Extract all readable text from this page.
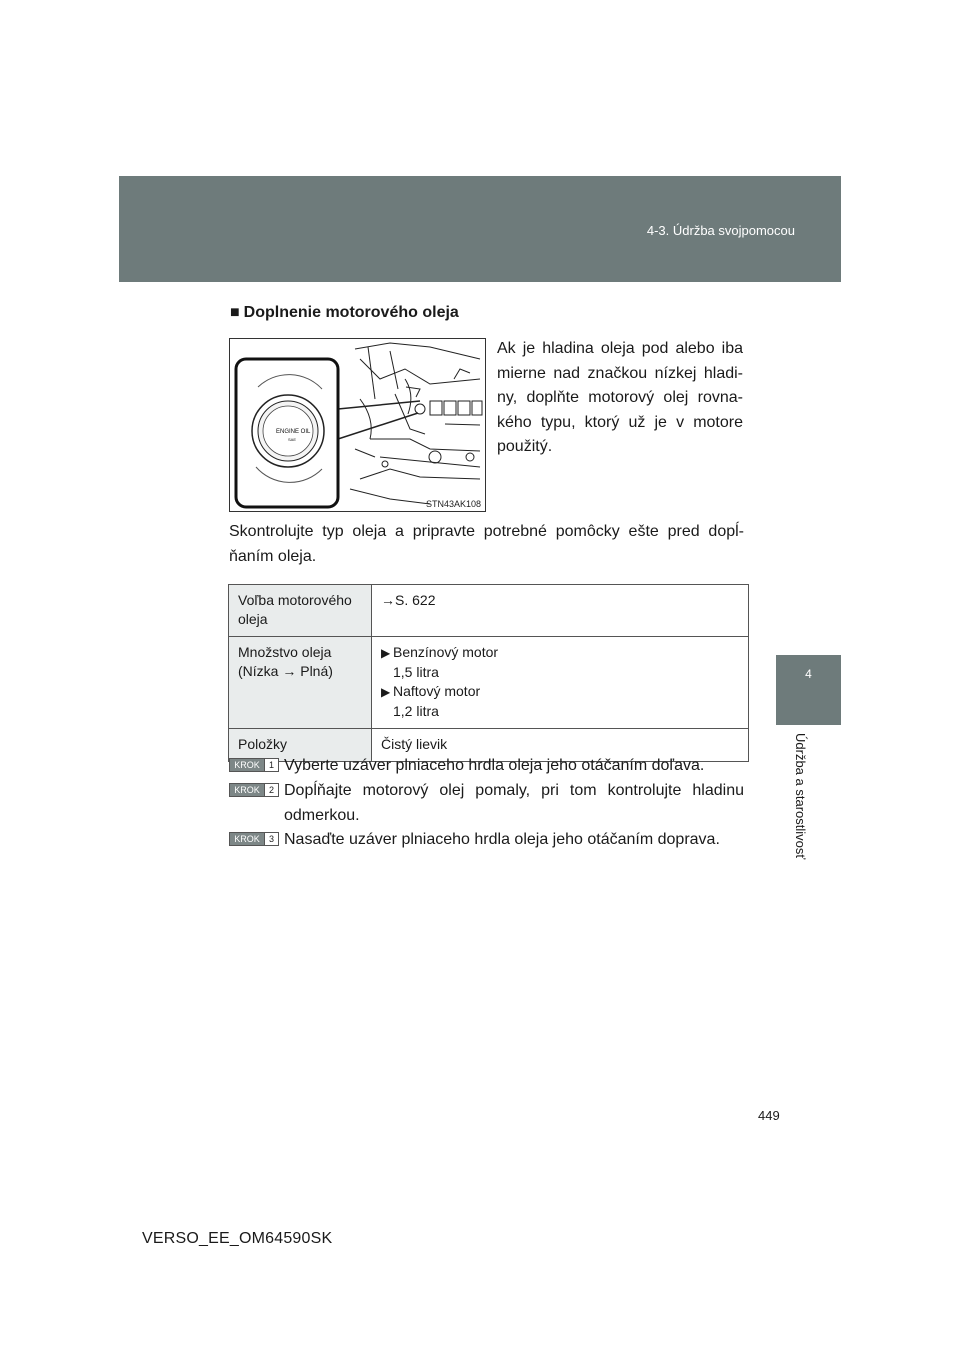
4-3. Údržba svojpomocou
4
Údržba a starostlivosť
■ Doplnenie motorového oleja
Ak je hladina oleja pod alebo iba mierne nad značkou nízkej hladi-ny, doplňte motorový olej rovna-kého typu, ktorý už je v motore použitý.
ENGINE OIL
SAE
STN43AK108
Skontrolujte typ oleja a pripravte potrebné pomôcky ešte pred dopĺ-ňaním oleja.
Voľba motorového oleja	→S. 622
Množstvo oleja (Nízka → Plná)	▶ Benzínový motor
1,5 litra
▶ Naftový motor
1,2 litra

Položky	Čistý lievik
KROK	1 Vyberte uzáver plniaceho hrdla oleja jeho otáčaním doľava.
KROK	2 Dopĺňajte motorový olej pomaly, pri tom kontrolujte hladinu odmerkou.
KROK	3 Nasaďte uzáver plniaceho hrdla oleja jeho otáčaním doprava.
449
VERSO_EE_OM64590SK
